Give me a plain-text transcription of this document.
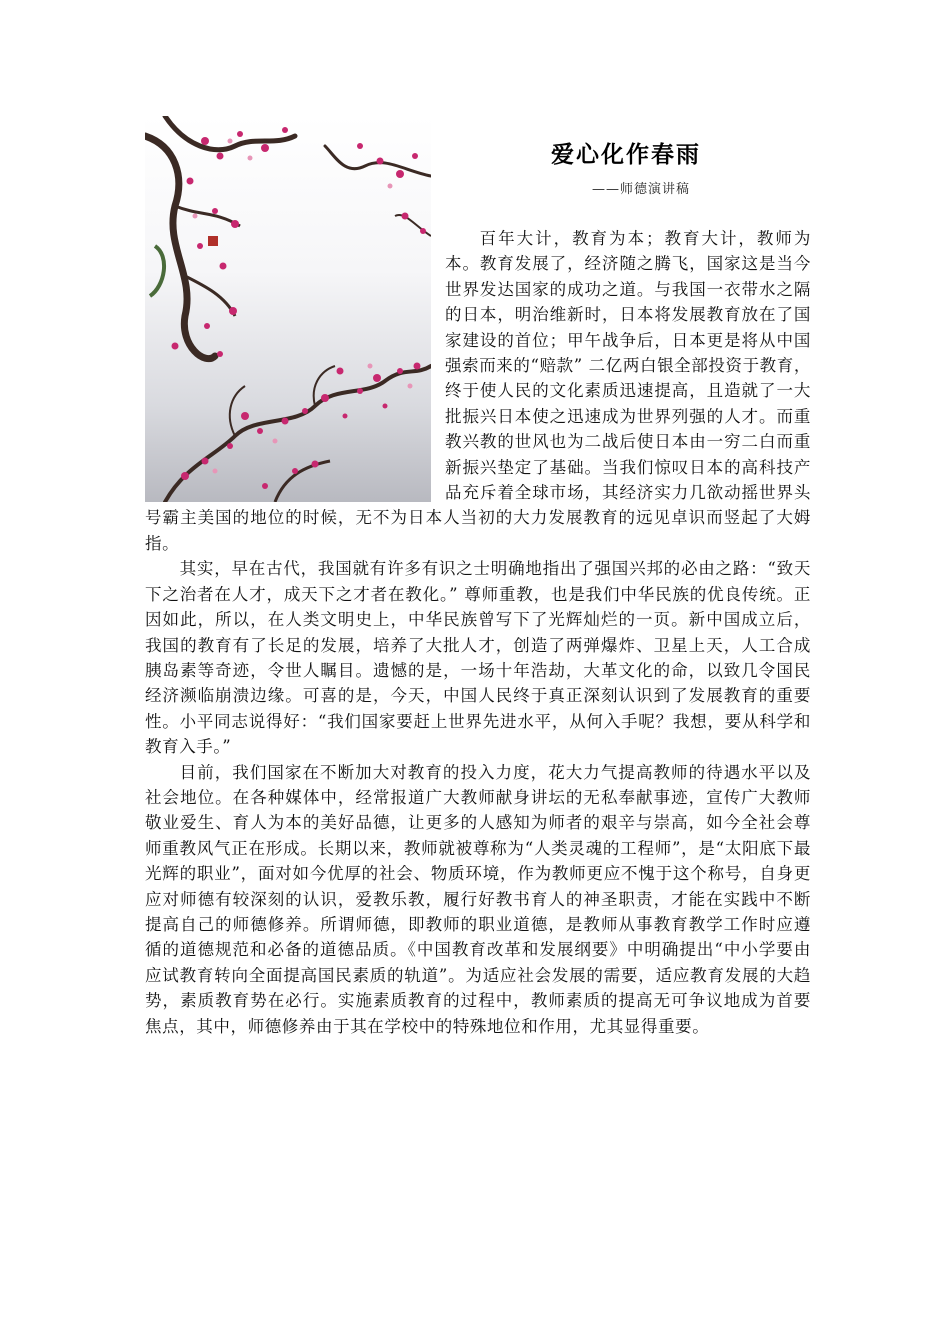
爱心化作春雨
——师德演讲稿

百年大计，教育为本；教育大计，教师为本。教育发展了，经济随之腾飞，国家这是当今世界发达国家的成功之道。与我国一衣带水之隔的日本，明治维新时，日本将发展教育放在了国家建设的首位；甲午战争后，日本更是将从中国强索而来的“赔款” 二亿两白银全部投资于教育，终于使人民的文化素质迅速提高，且造就了一大批振兴日本使之迅速成为世界列强的人才。而重教兴教的世风也为二战后使日本由一穷二白而重新振兴垫定了基础。当我们惊叹日本的高科技产品充斥着全球市场，其经济实力几欲动摇世界头号霸主美国的地位的时候，无不为日本人当初的大力发展教育的远见卓识而竖起了大姆指。

其实，早在古代，我国就有许多有识之士明确地指出了强国兴邦的必由之路：“致天下之治者在人才，成天下之才者在教化。” 尊师重教，也是我们中华民族的优良传统。正因如此，所以，在人类文明史上，中华民族曾写下了光辉灿烂的一页。新中国成立后，我国的教育有了长足的发展，培养了大批人才，创造了两弹爆炸、卫星上天，人工合成胰岛素等奇迹，令世人瞩目。遗憾的是，一场十年浩劫，大革文化的命，以致几令国民经济濒临崩溃边缘。可喜的是，今天，中国人民终于真正深刻认识到了发展教育的重要性。小平同志说得好：“我们国家要赶上世界先进水平，从何入手呢？我想，要从科学和教育入手。”

目前，我们国家在不断加大对教育的投入力度，花大力气提高教师的待遇水平以及社会地位。在各种媒体中，经常报道广大教师献身讲坛的无私奉献事迹，宣传广大教师敬业爱生、育人为本的美好品德，让更多的人感知为师者的艰辛与崇高，如今全社会尊师重教风气正在形成。长期以来，教师就被尊称为“人类灵魂的工程师”，是“太阳底下最光辉的职业”，面对如今优厚的社会、物质环境，作为教师更应不愧于这个称号，自身更应对师德有较深刻的认识，爱教乐教，履行好教书育人的神圣职责，才能在实践中不断提高自己的师德修养。所谓师德，即教师的职业道德，是教师从事教育教学工作时应遵循的道德规范和必备的道德品质。《中国教育改革和发展纲要》中明确提出“中小学要由应试教育转向全面提高国民素质的轨道”。为适应社会发展的需要，适应教育发展的大趋势，素质教育势在必行。实施素质教育的过程中，教师素质的提高无可争议地成为首要焦点，其中，师德修养由于其在学校中的特殊地位和作用，尤其显得重要。
